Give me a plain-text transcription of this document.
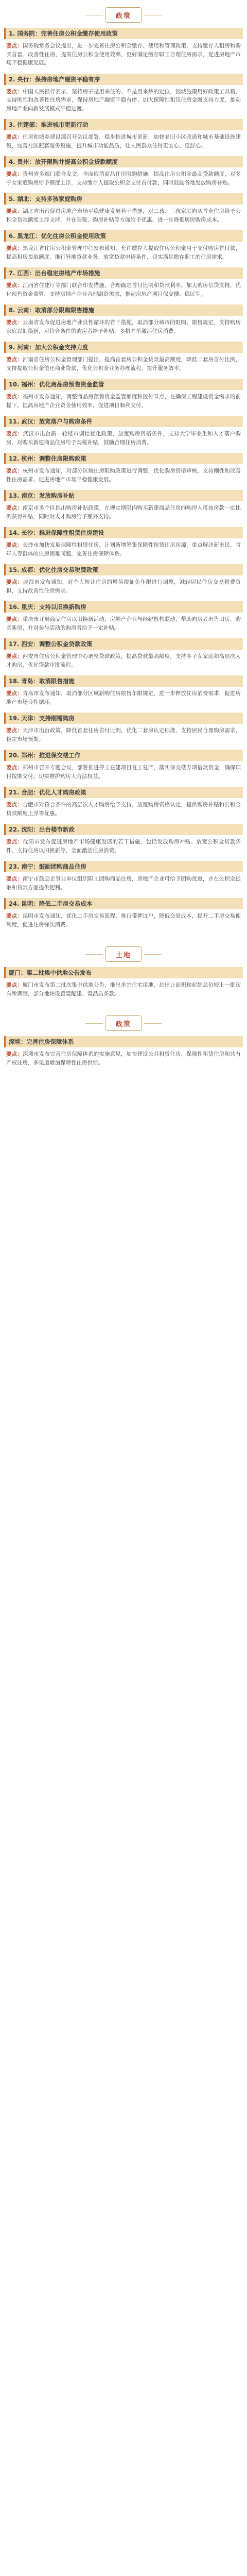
政策
1. 国务院：完善住房公积金缴存使用政策
要点：国务院常务会议提出，进一步完善住房公积金缴存、使用和管理政策，支持缴存人租房和购买首套、改善性住房，提高住房公积金使用效率，更好满足缴存职工合理住房需求，促进房地产市场平稳健康发展。
2. 央行：保持房地产融资平稳有序
要点：中国人民银行表示，坚持房子是用来住的、不是用来炒的定位，因城施策用好政策工具箱，支持刚性和改善性住房需求，保持房地产融资平稳有序，加大保障性租赁住房金融支持力度，推动房地产业向新发展模式平稳过渡。
3. 住建部：推进城市更新行动
要点：住房和城乡建设部召开会议部署，稳步推进城市更新，加快老旧小区改造和城市基础设施建设，完善社区配套服务设施，提升城市功能品质，让人民群众住得更安心、更舒心。
4. 贵州：放开限购并提高公积金贷款额度
要点：贵州省多部门联合发文，全面取消商品住房限购措施，提高住房公积金最高贷款额度，对多子女家庭购房给予额度上浮，支持缴存人提取公积金支付首付款，同时鼓励各地发放购房补贴。
5. 湖北：支持多孩家庭购房
要点：湖北省出台促进房地产市场平稳健康发展若干措施，对二孩、三孩家庭购买首套住房给予公积金贷款额度上浮支持，并在契税、购房补贴等方面给予优惠，进一步降低居民购房成本。
6. 黑龙江：优化住房公积金使用政策
要点：黑龙江省住房公积金管理中心发布通知，允许缴存人提取住房公积金用于支付购房首付款，提高租房提取额度，推行异地贷款业务，放宽贷款申请条件，切实满足缴存职工的住房需求。
7. 江西：出台稳定房地产市场措施
要点：江西省住建厅等部门联合印发措施，合理确定首付比例和贷款利率，加大购房信贷支持，优化预售资金监管，支持房地产企业合理融资需求，推动房地产项目保交楼、稳民生。
8. 云南：取消部分限购限售措施
要点：云南省发布促进房地产业良性循环的若干措施，取消部分城市的限购、限售规定，支持购房家庭以旧换新，对符合条件的购房者给予补贴，多措并举激活住房消费。
9. 河南：加大公积金支持力度
要点：河南省住房公积金管理部门提出，提高首套房公积金贷款最高额度，降低二套房首付比例，支持提取公积金偿还商业贷款，优化公积金业务办理流程，提升服务效率。
10. 福州：优化商品房预售资金监管
要点：福州市发布通知，调整商品房预售资金监管额度和拨付节点，在确保工程建设资金需求的前提下，提高房地产企业资金使用效率，促进项目顺利交付。
11. 武汉：放宽落户与购房条件
要点：武汉市出台新一轮楼市调控优化政策，放宽购房资格条件，支持大学毕业生和人才落户购房，对购买新建商品住房给予契税补贴，鼓励合理住房消费。
12. 杭州：调整住房限购政策
要点：杭州市发布通知，对部分区域住房限购政策进行调整，优化购房资格审核，支持刚性和改善性住房需求，促进房地产市场平稳健康发展。
13. 南京：发放购房补贴
要点：南京市多个区推出购房补贴政策，在规定期限内购买新建商品住房的购房人可按房款一定比例获得补贴，同时对人才购房给予额外支持。
14. 长沙：推进保障性租赁住房建设
要点：长沙市加快发展保障性租赁住房，计划新增筹集保障性租赁住房房源，重点解决新市民、青年人等群体的住房困难问题，完善住房保障体系。
15. 成都：优化住房交易税费政策
要点：成都市发布通知，对个人转让住房的增值税征免年限进行调整，减轻居民住房交易税费负担，支持改善性住房需求。
16. 重庆：支持以旧换新购房
要点：重庆市开展商品住房以旧换新活动，房地产企业与经纪机构联动，帮助购房者出售旧房、购买新房，并对参与活动的购房者给予一定补贴。
17. 西安：调整公积金贷款政策
要点：西安市住房公积金管理中心调整贷款政策，提高贷款最高额度，支持多子女家庭和高层次人才购房，优化贷款审批流程。
18. 青岛：取消限售措施
要点：青岛市发布通知，取消部分区域新购住房限售年限规定，进一步释放住房消费需求，促进房地产市场良性循环。
19. 天津：支持刚需购房
要点：天津市出台政策，降低首套住房首付比例，优化二套房认定标准，支持居民合理购房需求，稳定市场预期。
20. 郑州：推进保交楼工作
要点：郑州市召开专题会议，部署推进停工在建项目复工复产，落实保交楼专项借款资金，确保项目按期交付，切实维护购房人合法权益。
21. 合肥：优化人才购房政策
要点：合肥市对符合条件的高层次人才购房给予支持，放宽购房资格认定，提供购房补贴和公积金贷款额度上浮等优惠。
22. 沈阳：出台楼市新政
要点：沈阳市发布促进房地产市场健康发展的若干措施，包括发放购房补贴、放宽公积金贷款条件、支持住房以旧换新等，全面激活住房消费。
23. 南宁：鼓励团购商品住房
要点：南宁市鼓励企事业单位组织职工团购商品住房，房地产企业可给予团购优惠，并在公积金提取和贷款方面提供便利。
24. 昆明：降低二手房交易成本
要点：昆明市发布通知，优化二手房交易流程，推行带押过户，降低交易成本，提升二手房交易便利度，促进住房梯次消费。
土地
厦门：第二批集中供地公告发布
要点：厦门市发布第二批次集中供地公告，推出多宗住宅用地，总出让面积和起始总价较上一批次有所调整，部分地块设置竞配建、竞品质条款。
政策
深圳：完善住房保障体系
要点：深圳市发布完善住房保障体系的实施意见，加快建设公共租赁住房、保障性租赁住房和共有产权住房，多渠道增加保障性住房供给。
